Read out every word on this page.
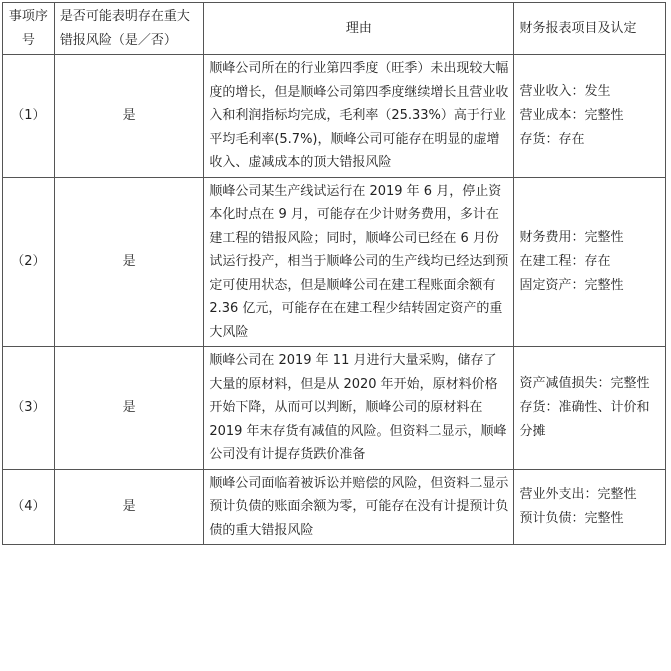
事项序号	是否可能表明存在重大错报风险（是／否）	理由	财务报表项目及认定
（1）	是	顺峰公司所在的行业第四季度（旺季）未出现较大幅度的增长，但是顺峰公司第四季度继续增长且营业收入和利润指标均完成，毛利率（25.33%）高于行业平均毛利率(5.7%)，顺峰公司可能存在明显的虚增收入、虚减成本的顶大错报风险	营业收入：发生
营业成本：完整性
存货：存在

（2）	是	顺峰公司某生产线试运行在 2019 年 6 月，停止资本化时点在 9 月，可能存在少计财务费用，多计在建工程的错报风险；同时，顺峰公司已经在 6 月份试运行投产，相当于顺峰公司的生产线均已经达到预定可使用状态，但是顺峰公司在建工程账面余额有 2.36 亿元，可能存在在建工程少结转固定资产的重大风险	财务费用：完整性
在建工程：存在
固定资产：完整性

（3）	是	顺峰公司在 2019 年 11 月进行大量采购，储存了大量的原材料，但是从 2020 年开始，原材料价格开始下降，从而可以判断，顺峰公司的原材料在 2019 年末存货有减值的风险。但资料二显示，顺峰公司没有计提存货跌价准备	资产减值损失：完整性
存货：准确性、计价和分摊

（4）	是	顺峰公司面临着被诉讼并赔偿的风险，但资料二显示预计负债的账面余额为零，可能存在没有计提预计负债的重大错报风险	营业外支出：完整性
预计负债：完整性
